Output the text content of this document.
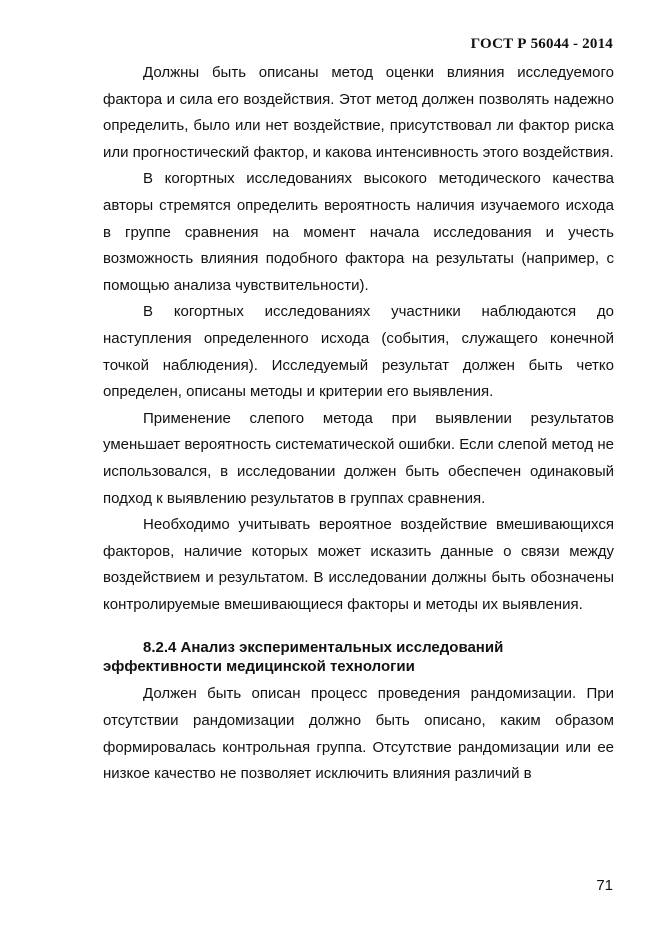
ГОСТ Р 56044 - 2014

Должны быть описаны метод оценки влияния исследуемого фактора и сила его воздействия. Этот метод должен позволять надежно определить, было или нет воздействие, присутствовал ли фактор риска или прогностический фактор, и какова интенсивность этого воздействия.

В когортных исследованиях высокого методического качества авторы стремятся определить вероятность наличия изучаемого исхода в группе сравнения на момент начала исследования и учесть возможность влияния подобного фактора на результаты (например, с помощью анализа чувствительности).

В когортных исследованиях участники наблюдаются до наступления определенного исхода (события, служащего конечной точкой наблюдения). Исследуемый результат должен быть четко определен, описаны методы и критерии его выявления.

Применение слепого метода при выявлении результатов уменьшает вероятность систематической ошибки. Если слепой метод не использовался, в исследовании должен быть обеспечен одинаковый подход к выявлению результатов в группах сравнения.

Необходимо учитывать вероятное воздействие вмешивающихся факторов, наличие которых может исказить данные о связи между воздействием и результатом. В исследовании должны быть обозначены контролируемые вмешивающиеся факторы и методы их выявления.

8.2.4 Анализ экспериментальных исследований
эффективности медицинской технологии

Должен быть описан процесс проведения рандомизации. При отсутствии рандомизации должно быть описано, каким образом формировалась контрольная группа. Отсутствие рандомизации или ее низкое качество не позволяет исключить влияния различий в

71
